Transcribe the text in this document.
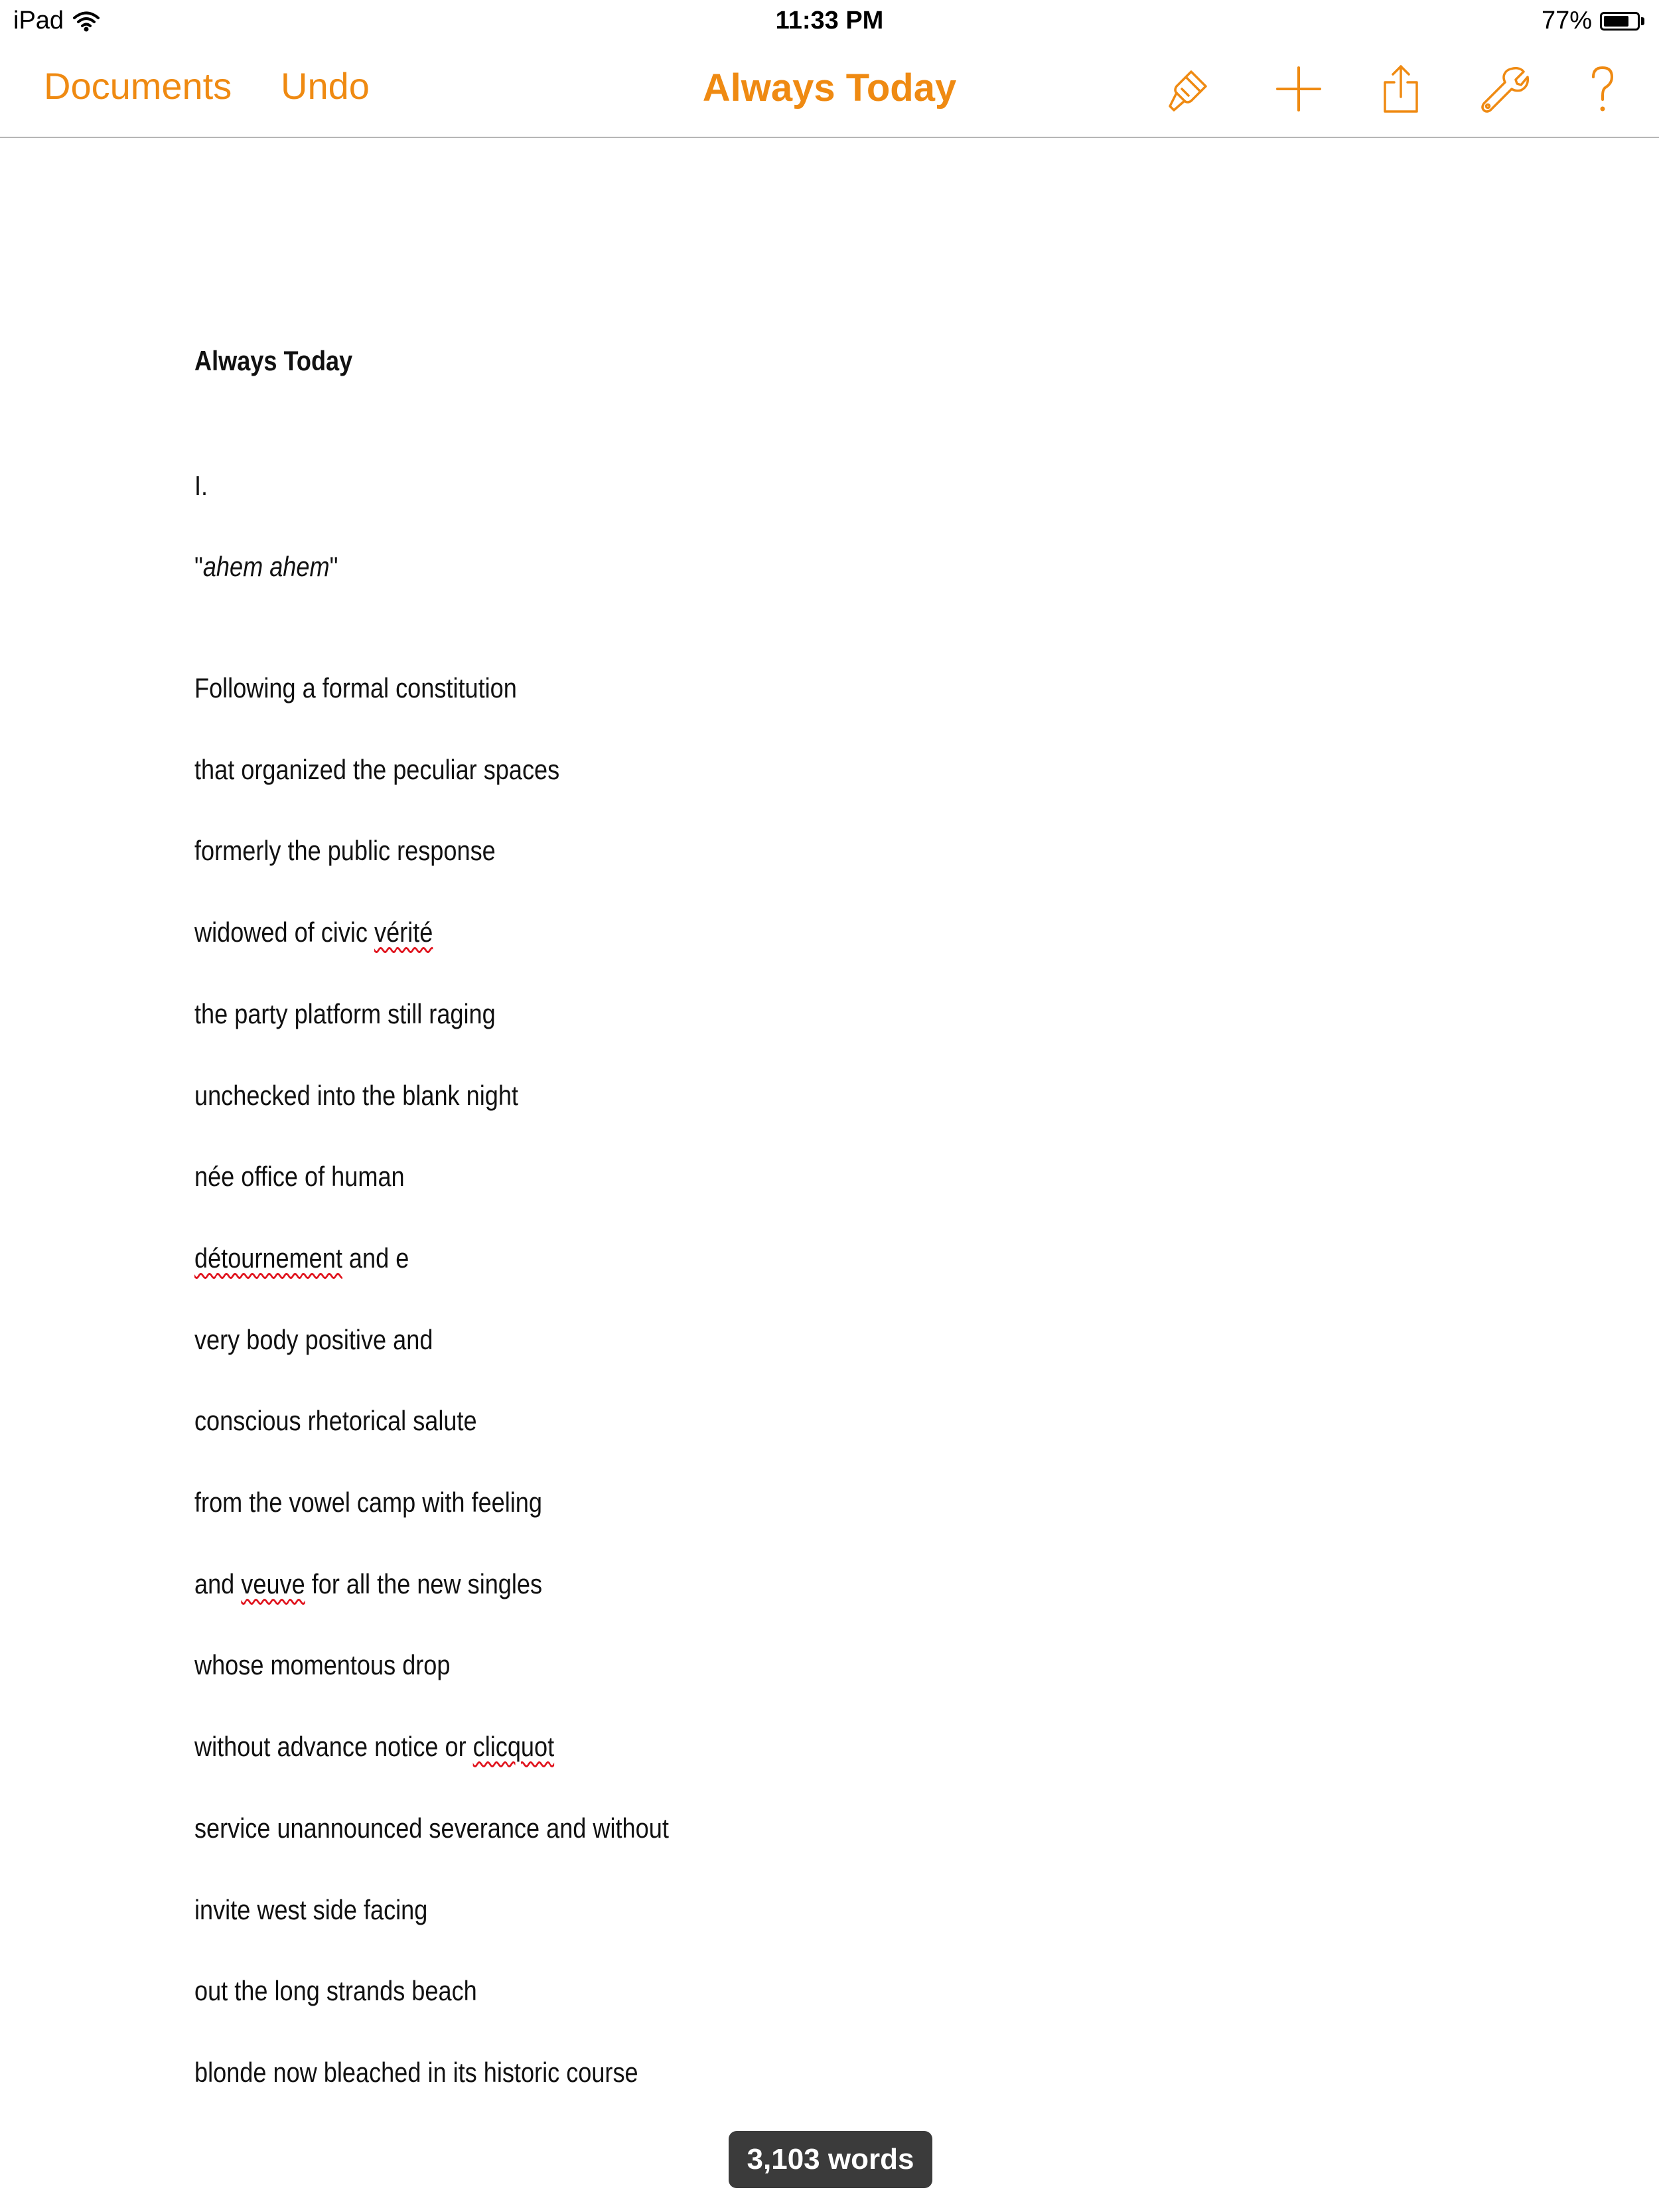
iPad	11:33 PM	77%
Documents Undo	Always Today
Always Today
I.
"ahem ahem"
Following a formal constitution
that organized the peculiar spaces
formerly the public response
widowed of civic vérité
the party platform still raging
unchecked into the blank night
née office of human
détournement and e
very body positive and
conscious rhetorical salute
from the vowel camp with feeling
and veuve for all the new singles
whose momentous drop
without advance notice or clicquot
service unannounced severance and without
invite west side facing
out the long strands beach
blonde now bleached in its historic course
3,103 words
